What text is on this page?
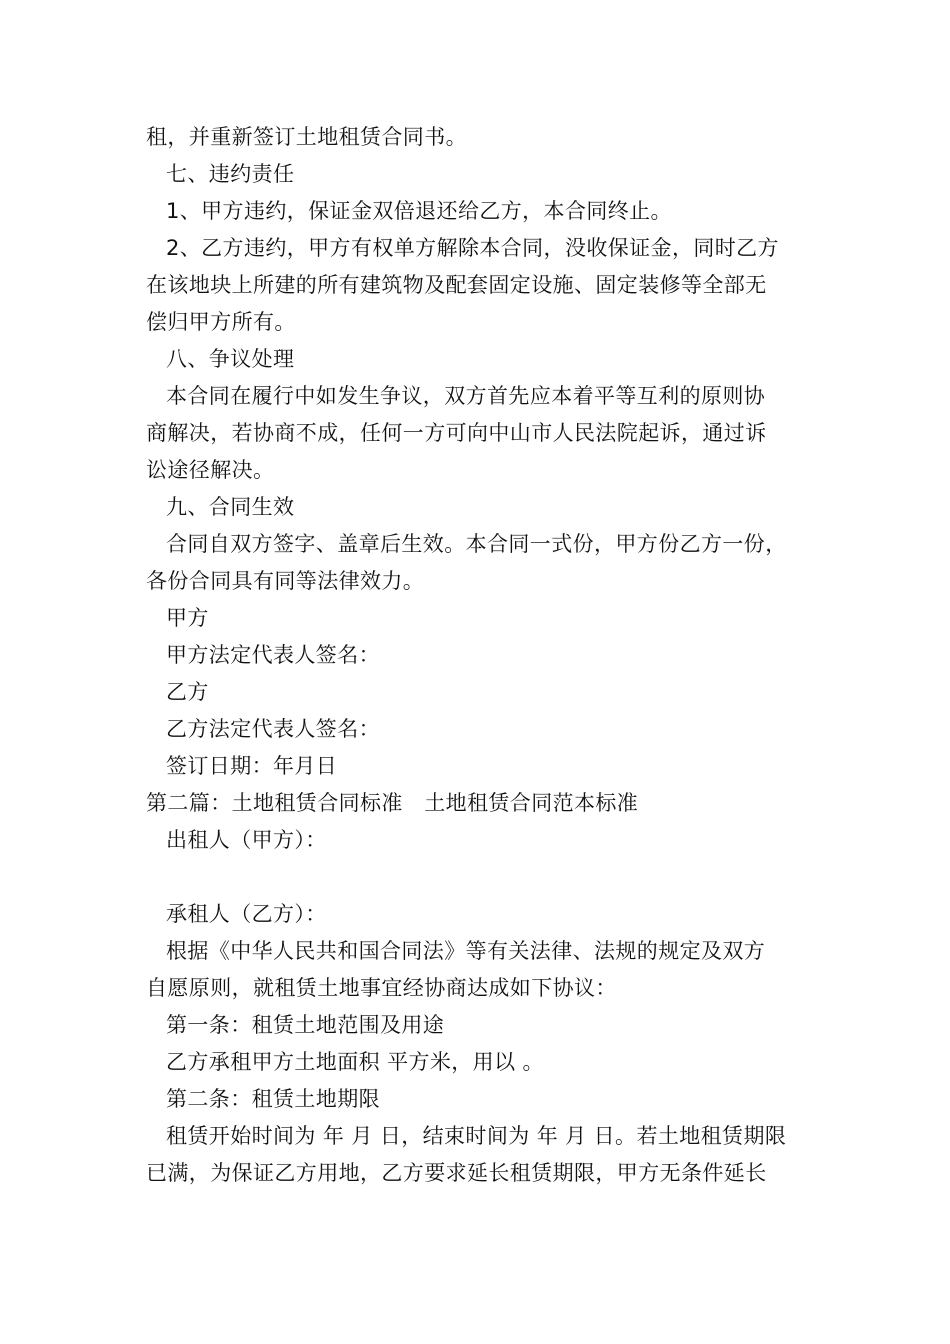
租，并重新签订土地租赁合同书。
七、违约责任
1、甲方违约，保证金双倍退还给乙方，本合同终止。
2、乙方违约，甲方有权单方解除本合同，没收保证金，同时乙方
在该地块上所建的所有建筑物及配套固定设施、固定装修等全部无
偿归甲方所有。
八、争议处理
本合同在履行中如发生争议，双方首先应本着平等互利的原则协
商解决，若协商不成，任何一方可向中山市人民法院起诉，通过诉
讼途径解决。
九、合同生效
合同自双方签字、盖章后生效。本合同一式份，甲方份乙方一份，
各份合同具有同等法律效力。
甲方
甲方法定代表人签名：
乙方
乙方法定代表人签名：
签订日期：年月日
第二篇：土地租赁合同标准　土地租赁合同范本标准
出租人（甲方）：
承租人（乙方）：
根据《中华人民共和国合同法》等有关法律、法规的规定及双方
自愿原则，就租赁土地事宜经协商达成如下协议：
第一条：租赁土地范围及用途
乙方承租甲方土地面积 平方米，用以 。
第二条：租赁土地期限
租赁开始时间为 年 月 日，结束时间为 年 月 日。若土地租赁期限
已满，为保证乙方用地，乙方要求延长租赁期限，甲方无条件延长
